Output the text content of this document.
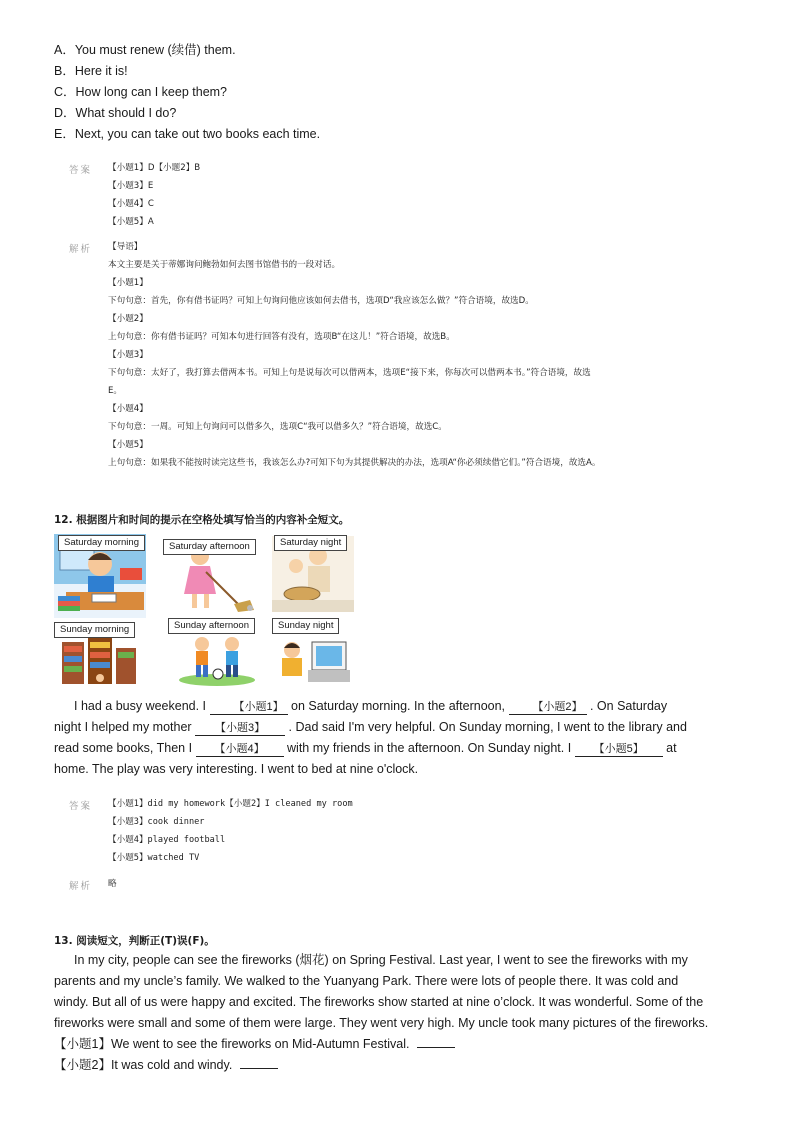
A．You must renew (续借) them.
B．Here it is!
C．How long can I keep them?
D．What should I do?
E．Next, you can take out two books each time.
答案 【小题1】D【小题2】B
【小题3】E
【小题4】C
【小题5】A
解析 【导语】
本文主要是关于蒂娜询问鲍勃如何去图书馆借书的一段对话。
【小题1】
下句句意：首先，你有借书证吗？可知上句询问他应该如何去借书，选项D“我应该怎么做？”符合语境，故选D。
【小题2】
上句句意：你有借书证吗？可知本句进行回答有没有，选项B“在这儿！”符合语境，故选B。
【小题3】
下句句意：太好了，我打算去借两本书。可知上句是说每次可以借两本，选项E“接下来，你每次可以借两本书。”符合语境，故选
E。
【小题4】
下句句意：一周。可知上句询问可以借多久，选项C“我可以借多久？”符合语境，故选C。
【小题5】
上句句意：如果我不能按时读完这些书，我该怎么办?可知下句为其提供解决的办法，选项A“你必须续借它们。”符合语境，故选A。
12. 根据图片和时间的提示在空格处填写恰当的内容补全短文。
Saturday morning	Saturday afternoon	Saturday night
Sunday morning	Sunday afternoon	Sunday night
I had a busy weekend. I 【小题1】 on Saturday morning. In the afternoon, 【小题2】 . On Saturday
night I helped my mother 【小题3】 . Dad said I'm very helpful. On Sunday morning, I went to the library and
read some books, Then I 【小题4】 with my friends in the afternoon. On Sunday night. I 【小题5】 at
home. The play was very interesting. I went to bed at nine o'clock.
答案 【小题1】did my homework【小题2】I cleaned my room
【小题3】cook dinner
【小题4】played football
【小题5】watched TV
解析 略
13. 阅读短文，判断正(T)误(F)。
In my city, people can see the fireworks (烟花) on Spring Festival. Last year, I went to see the fireworks with my
parents and my uncle’s family. We walked to the Yuanyang Park. There were lots of people there. It was cold and
windy. But all of us were happy and excited. The fireworks show started at nine o’clock. It was wonderful. Some of the
fireworks were small and some of them were large. They went very high. My uncle took many pictures of the fireworks.
【小题1】We went to see the fireworks on Mid-Autumn Festival.
【小题2】It was cold and windy.
